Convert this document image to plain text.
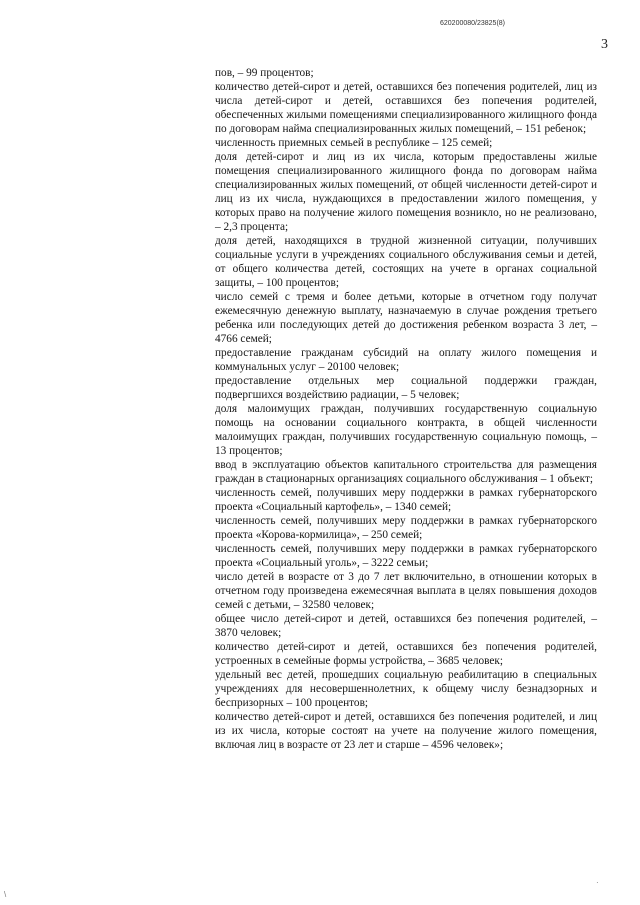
620200080/23825(8)
3

пов, – 99 процентов;

количество детей-сирот и детей, оставшихся без попечения родителей, лиц из числа детей-сирот и детей, оставшихся без попечения родителей, обеспеченных жилыми помещениями специализированного жилищного фонда по договорам найма специализированных жилых помещений, – 151 ребенок;

численность приемных семьей в республике – 125 семей;

доля детей-сирот и лиц из их числа, которым предоставлены жилые помещения специализированного жилищного фонда по договорам найма специализированных жилых помещений, от общей численности детей-сирот и лиц из их числа, нуждающихся в предоставлении жилого помещения, у которых право на получение жилого помещения возникло, но не реализовано, – 2,3 процента;

доля детей, находящихся в трудной жизненной ситуации, получивших социальные услуги в учреждениях социального обслуживания семьи и детей, от общего количества детей, состоящих на учете в органах социальной защиты, – 100 процентов;

число семей с тремя и более детьми, которые в отчетном году получат ежемесячную денежную выплату, назначаемую в случае рождения третьего ребенка или последующих детей до достижения ребенком возраста 3 лет, – 4766 семей;

предоставление гражданам субсидий на оплату жилого помещения и коммунальных услуг – 20100 человек;

предоставление отдельных мер социальной поддержки граждан, подвергшихся воздействию радиации, – 5 человек;

доля малоимущих граждан, получивших государственную социальную помощь на основании социального контракта, в общей численности малоимущих граждан, получивших государственную социальную помощь, – 13 процентов;

ввод в эксплуатацию объектов капитального строительства для размещения граждан в стационарных организациях социального обслуживания – 1 объект;

численность семей, получивших меру поддержки в рамках губернаторского проекта «Социальный картофель», – 1340 семей;

численность семей, получивших меру поддержки в рамках губернаторского проекта «Корова-кормилица», – 250 семей;

численность семей, получивших меру поддержки в рамках губернаторского проекта «Социальный уголь», – 3222 семьи;

число детей в возрасте от 3 до 7 лет включительно, в отношении которых в отчетном году произведена ежемесячная выплата в целях повышения доходов семей с детьми, – 32580 человек;

общее число детей-сирот и детей, оставшихся без попечения родителей, – 3870 человек;

количество детей-сирот и детей, оставшихся без попечения родителей, устроенных в семейные формы устройства, – 3685 человек;

удельный вес детей, прошедших социальную реабилитацию в специальных учреждениях для несовершеннолетних, к общему числу безнадзорных и беспризорных – 100 процентов;

количество детей-сирот и детей, оставшихся без попечения родителей, и лиц из их числа, которые состоят на учете на получение жилого помещения, включая лиц в возрасте от 23 лет и старше – 4596 человек»;

\
·
